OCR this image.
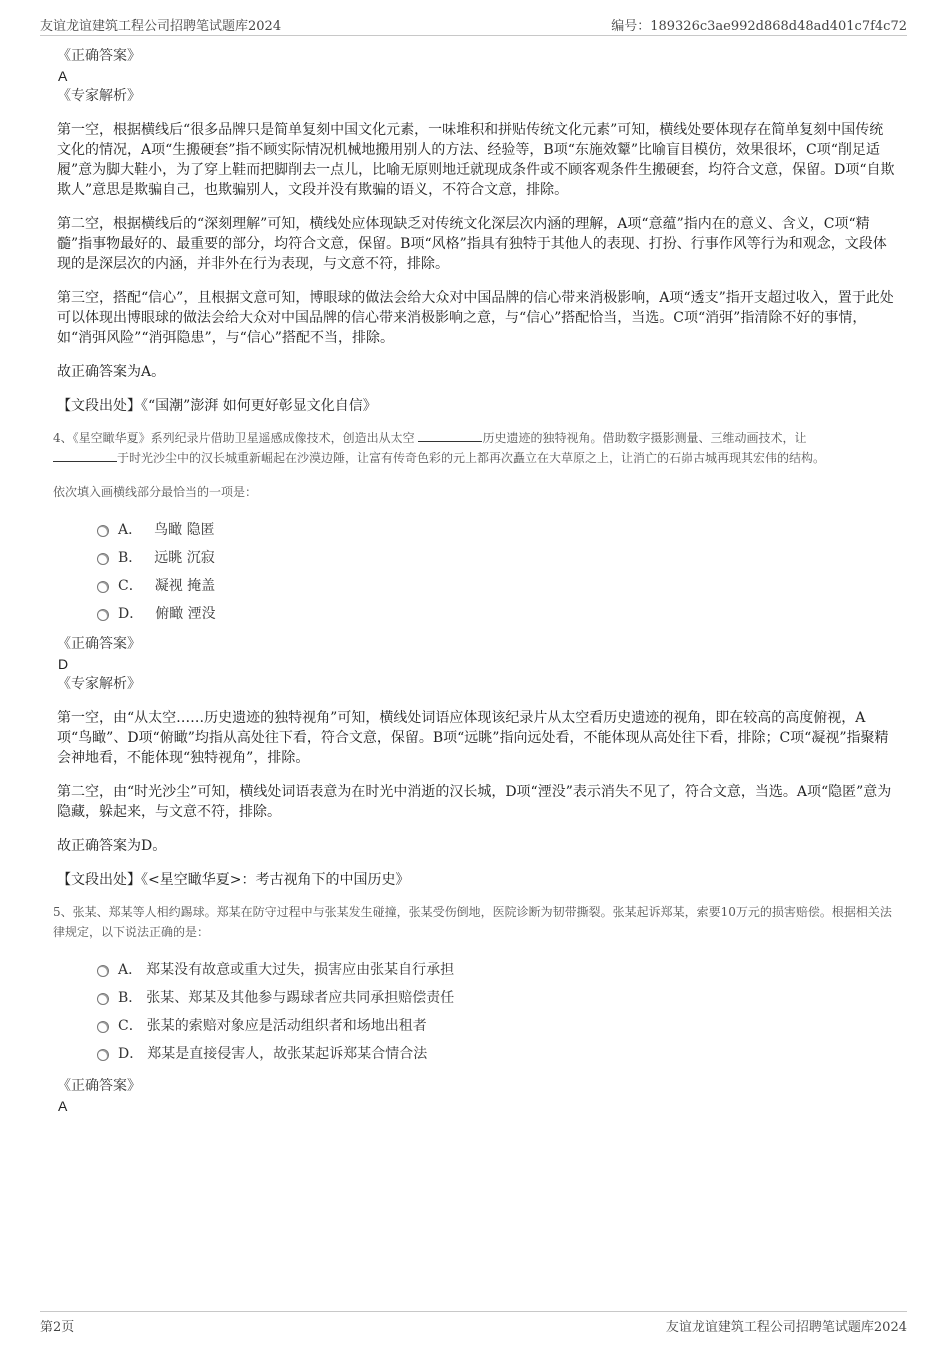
友谊龙谊建筑工程公司招聘笔试题库2024	编号：189326c3ae992d868d48ad401c7f4c72
《正确答案》
A
《专家解析》
第一空，根据横线后“很多品牌只是简单复刻中国文化元素，一味堆积和拼贴传统文化元素”可知，横线处要体现存在简单复刻中国传统文化的情况，A项“生搬硬套”指不顾实际情况机械地搬用别人的方法、经验等，B项“东施效颦”比喻盲目模仿，效果很坏，C项“削足适履”意为脚大鞋小，为了穿上鞋而把脚削去一点儿，比喻无原则地迁就现成条件或不顾客观条件生搬硬套，均符合文意，保留。D项“自欺欺人”意思是欺骗自己，也欺骗别人，文段并没有欺骗的语义，不符合文意，排除。
第二空，根据横线后的“深刻理解”可知，横线处应体现缺乏对传统文化深层次内涵的理解，A项“意蕴”指内在的意义、含义，C项“精髓”指事物最好的、最重要的部分，均符合文意，保留。B项“风格”指具有独特于其他人的表现、打扮、行事作风等行为和观念，文段体现的是深层次的内涵，并非外在行为表现，与文意不符，排除。
第三空，搭配“信心”，且根据文意可知，博眼球的做法会给大众对中国品牌的信心带来消极影响，A项“透支”指开支超过收入，置于此处可以体现出博眼球的做法会给大众对中国品牌的信心带来消极影响之意，与“信心”搭配恰当，当选。C项“消弭”指清除不好的事情，如“消弭风险”“消弭隐患”，与“信心”搭配不当，排除。
故正确答案为A。
【文段出处】《“国潮”澎湃 如何更好彰显文化自信》
4、《星空瞰华夏》系列纪录片借助卫星遥感成像技术，创造出从太空	历史遗迹的独特视角。借助数字摄影测量、三维动画技术，让
于时光沙尘中的汉长城重新崛起在沙漠边陲，让富有传奇色彩的元上都再次矗立在大草原之上，让消亡的石峁古城再现其宏伟的结构。
依次填入画横线部分最恰当的一项是：
A． 鸟瞰 隐匿
B． 远眺 沉寂
C． 凝视 掩盖
D． 俯瞰 湮没
《正确答案》
D
《专家解析》
第一空，由“从太空……历史遗迹的独特视角”可知，横线处词语应体现该纪录片从太空看历史遗迹的视角，即在较高的高度俯视，A项“鸟瞰”、D项“俯瞰”均指从高处往下看，符合文意，保留。B项“远眺”指向远处看，不能体现从高处往下看，排除；C项“凝视”指聚精会神地看，不能体现“独特视角”，排除。
第二空，由“时光沙尘”可知，横线处词语表意为在时光中消逝的汉长城，D项“湮没”表示消失不见了，符合文意，当选。A项“隐匿”意为隐藏，躲起来，与文意不符，排除。
故正确答案为D。
【文段出处】《<星空瞰华夏>：考古视角下的中国历史》
5、张某、郑某等人相约踢球。郑某在防守过程中与张某发生碰撞，张某受伤倒地，医院诊断为韧带撕裂。张某起诉郑某，索要10万元的损害赔偿。根据相关法律规定，以下说法正确的是：
A． 郑某没有故意或重大过失，损害应由张某自行承担
B． 张某、郑某及其他参与踢球者应共同承担赔偿责任
C． 张某的索赔对象应是活动组织者和场地出租者
D． 郑某是直接侵害人，故张某起诉郑某合情合法
《正确答案》
A
第2页	友谊龙谊建筑工程公司招聘笔试题库2024
